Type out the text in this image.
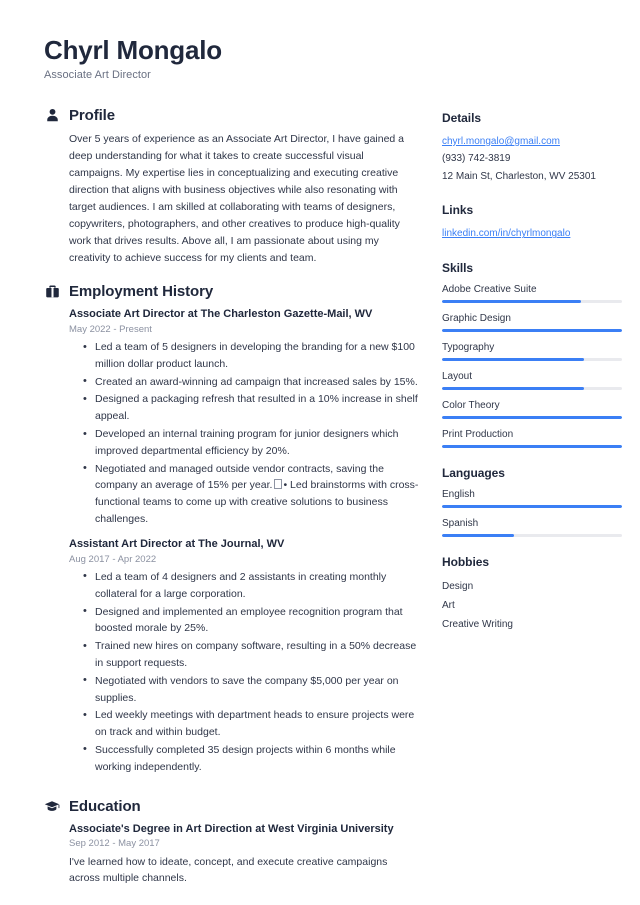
Chyrl Mongalo

Associate Art Director

Profile

Over 5 years of experience as an Associate Art Director, I have gained a deep understanding for what it takes to create successful visual campaigns. My expertise lies in conceptualizing and executing creative direction that aligns with business objectives while also resonating with target audiences. I am skilled at collaborating with teams of designers, copywriters, photographers, and other creatives to produce high-quality work that drives results. Above all, I am passionate about using my creativity to achieve success for my clients and team.

Employment History

Associate Art Director at The Charleston Gazette-Mail, WV

May 2022 - Present

• Led a team of 5 designers in developing the branding for a new $100 million dollar product launch.
• Created an award-winning ad campaign that increased sales by 15%.
• Designed a packaging refresh that resulted in a 10% increase in shelf appeal.
• Developed an internal training program for junior designers which improved departmental efficiency by 20%.
• Negotiated and managed outside vendor contracts, saving the company an average of 15% per year. • Led brainstorms with cross-functional teams to come up with creative solutions to business challenges.

Assistant Art Director at The Journal, WV

Aug 2017 - Apr 2022

• Led a team of 4 designers and 2 assistants in creating monthly collateral for a large corporation.
• Designed and implemented an employee recognition program that boosted morale by 25%.
• Trained new hires on company software, resulting in a 50% decrease in support requests.
• Negotiated with vendors to save the company $5,000 per year on supplies.
• Led weekly meetings with department heads to ensure projects were on track and within budget.
• Successfully completed 35 design projects within 6 months while working independently.
Education

Associate's Degree in Art Direction at West Virginia University

Sep 2012 - May 2017

I've learned how to ideate, concept, and execute creative campaigns across multiple channels.

Details

chyrl.mongalo@gmail.com

(933) 742-3819

12 Main St, Charleston, WV 25301

Links

linkedin.com/in/chyrlmongalo

Skills

Adobe Creative Suite
Graphic Design
Typography
Layout
Color Theory
Print Production

Languages

English
Spanish

Hobbies

Design
Art
Creative Writing
